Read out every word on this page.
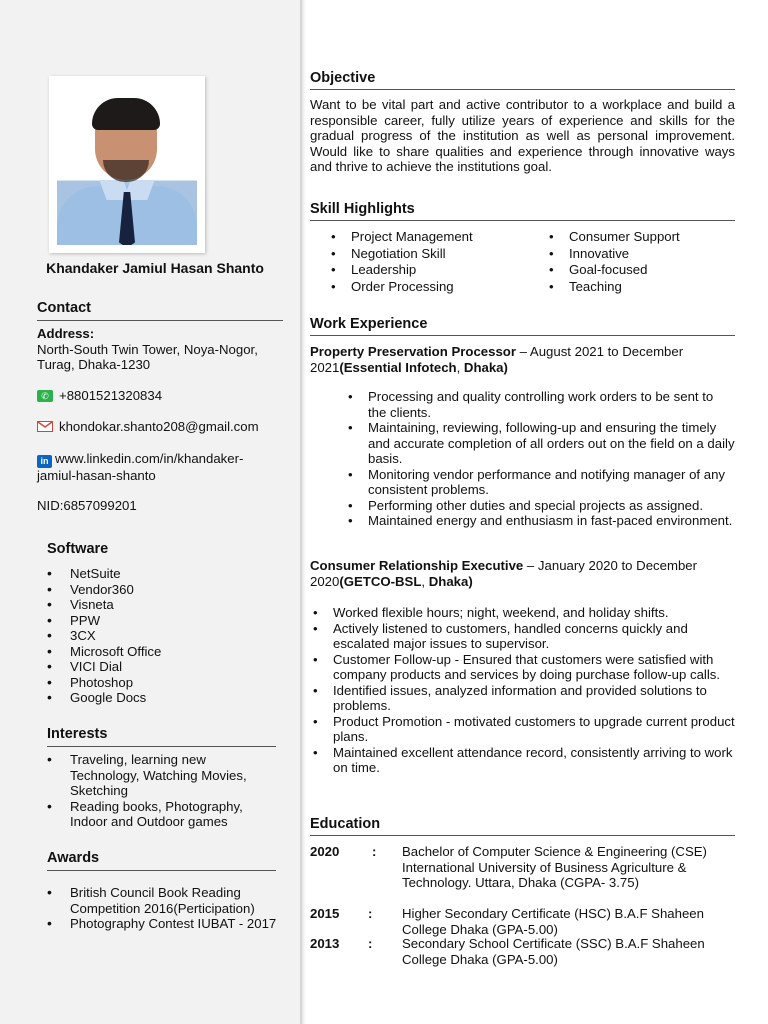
Khandaker Jamiul Hasan Shanto
Contact
Address:
North-South Twin Tower, Noya-Nogor, Turag, Dhaka-1230
✆ +8801521320834
khondokar.shanto208@gmail.com
in www.linkedin.com/in/khandaker-jamiul-hasan-shanto
NID:6857099201
Software
• NetSuite
• Vendor360
• Visneta
• PPW
• 3CX
• Microsoft Office
• VICI Dial
• Photoshop
• Google Docs
Interests
• Traveling, learning new Technology, Watching Movies, Sketching
• Reading books, Photography, Indoor and Outdoor games
Awards
• British Council Book Reading Competition 2016(Perticipation)
• Photography Contest IUBAT - 2017
Objective
Want to be vital part and active contributor to a workplace and build a responsible career, fully utilize years of experience and skills for the gradual progress of the institution as well as personal improvement. Would like to share qualities and experience through innovative ways and thrive to achieve the institutions goal.
Skill Highlights
• Project Management
• Negotiation Skill
• Leadership
• Order Processing
• Consumer Support
• Innovative
• Goal-focused
• Teaching
Work Experience
Property Preservation Processor – August 2021 to December 2021(Essential Infotech, Dhaka)
• Processing and quality controlling work orders to be sent to the clients.
• Maintaining, reviewing, following-up and ensuring the timely and accurate completion of all orders out on the field on a daily basis.
• Monitoring vendor performance and notifying manager of any consistent problems.
• Performing other duties and special projects as assigned.
• Maintained energy and enthusiasm in fast-paced environment.
Consumer Relationship Executive – January 2020 to December 2020(GETCO-BSL, Dhaka)
• Worked flexible hours; night, weekend, and holiday shifts.
• Actively listened to customers, handled concerns quickly and escalated major issues to supervisor.
• Customer Follow-up - Ensured that customers were satisfied with company products and services by doing purchase follow-up calls.
• Identified issues, analyzed information and provided solutions to problems.
• Product Promotion - motivated customers to upgrade current product plans.
• Maintained excellent attendance record, consistently arriving to work on time.
Education
2020 : Bachelor of Computer Science & Engineering (CSE) International University of Business Agriculture & Technology. Uttara, Dhaka (CGPA- 3.75)
2015 : Higher Secondary Certificate (HSC) B.A.F Shaheen College Dhaka (GPA-5.00)
2013 : Secondary School Certificate (SSC) B.A.F Shaheen College Dhaka (GPA-5.00)
